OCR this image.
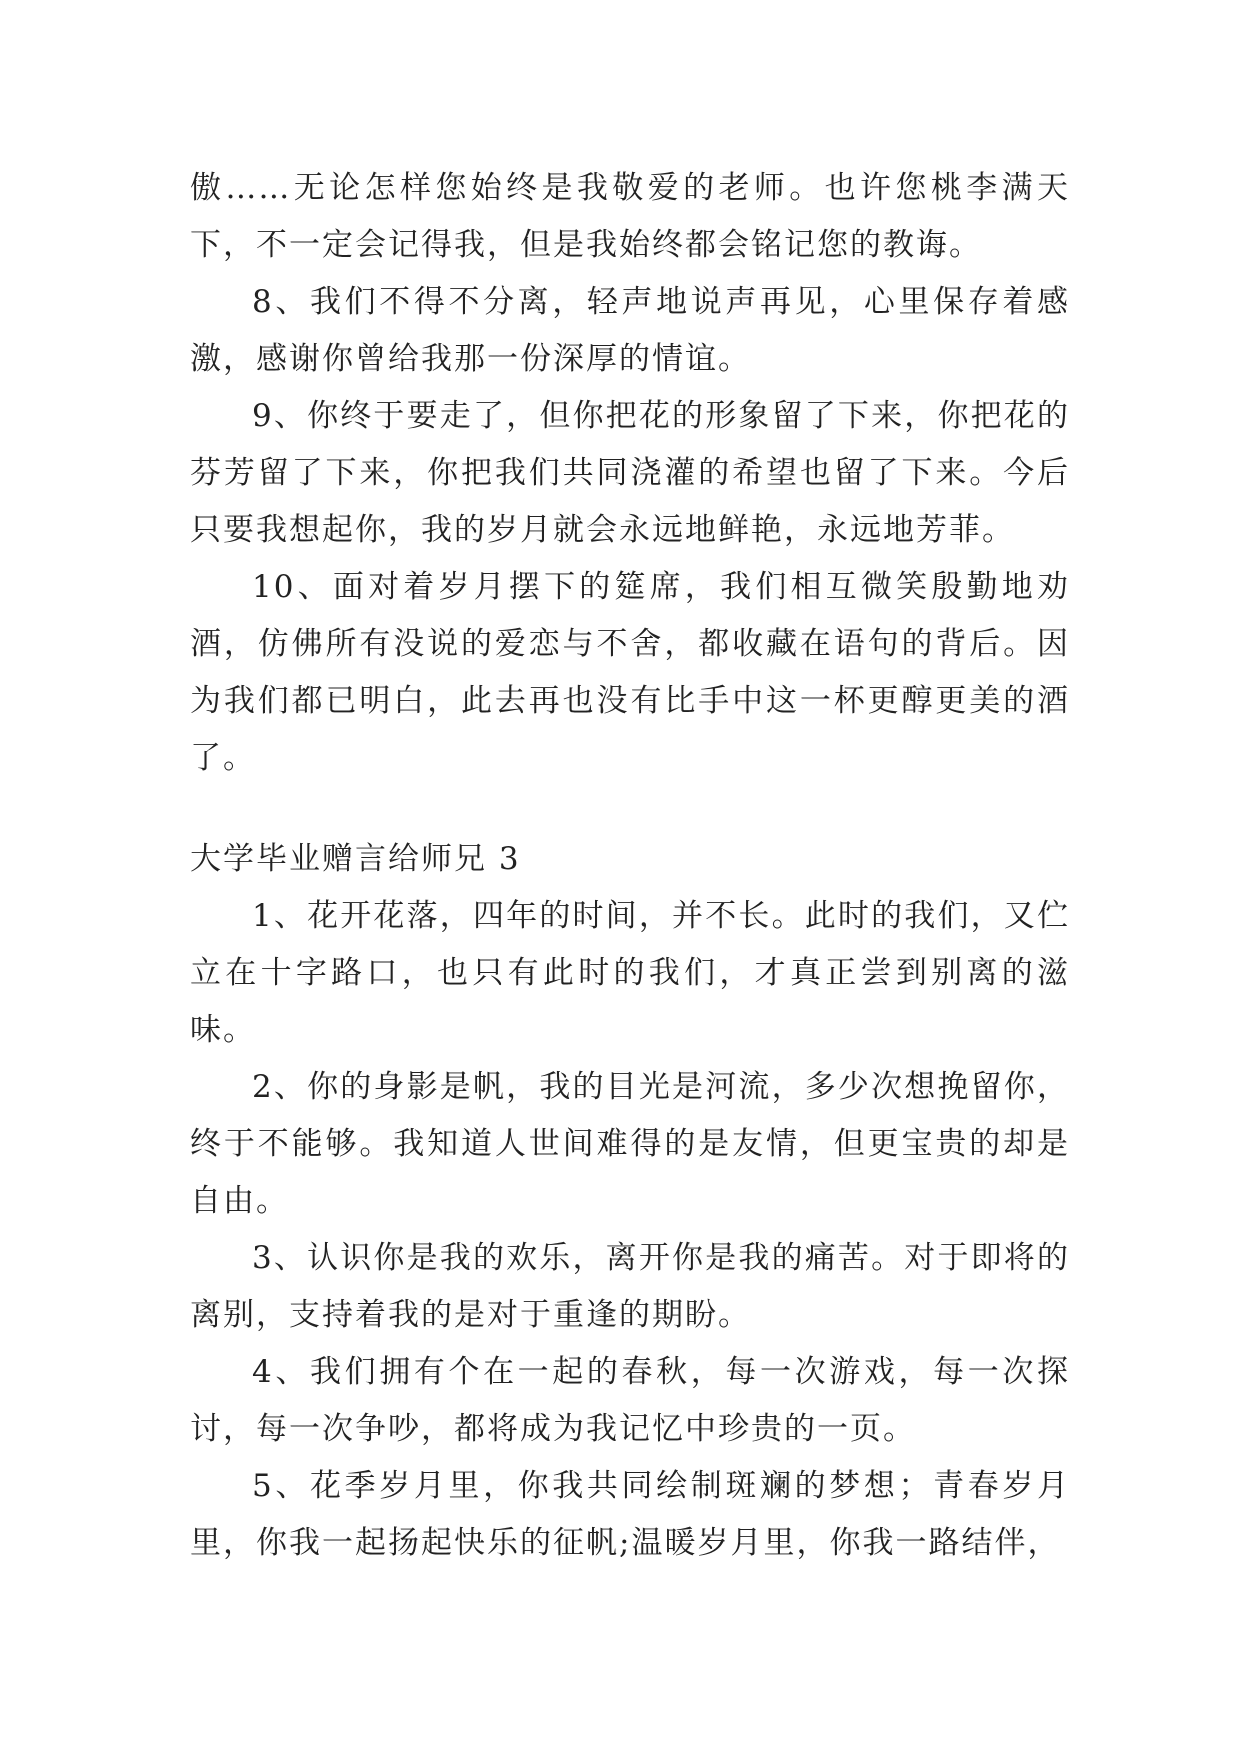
傲……无论怎样您始终是我敬爱的老师。也许您桃李满天下，不一定会记得我，但是我始终都会铭记您的教诲。

8、我们不得不分离，轻声地说声再见，心里保存着感激，感谢你曾给我那一份深厚的情谊。

9、你终于要走了，但你把花的形象留了下来，你把花的芬芳留了下来，你把我们共同浇灌的希望也留了下来。今后只要我想起你，我的岁月就会永远地鲜艳，永远地芳菲。

10、面对着岁月摆下的筵席，我们相互微笑殷勤地劝酒，仿佛所有没说的爱恋与不舍，都收藏在语句的背后。因为我们都已明白，此去再也没有比手中这一杯更醇更美的酒了。

大学毕业赠言给师兄 3

1、花开花落，四年的时间，并不长。此时的我们，又伫立在十字路口，也只有此时的我们，才真正尝到别离的滋味。

2、你的身影是帆，我的目光是河流，多少次想挽留你，终于不能够。我知道人世间难得的是友情，但更宝贵的却是自由。

3、认识你是我的欢乐，离开你是我的痛苦。对于即将的离别，支持着我的是对于重逢的期盼。

4、我们拥有个在一起的春秋，每一次游戏，每一次探讨，每一次争吵，都将成为我记忆中珍贵的一页。

5、花季岁月里，你我共同绘制斑斓的梦想；青春岁月里，你我一起扬起快乐的征帆;温暖岁月里，你我一路结伴，
